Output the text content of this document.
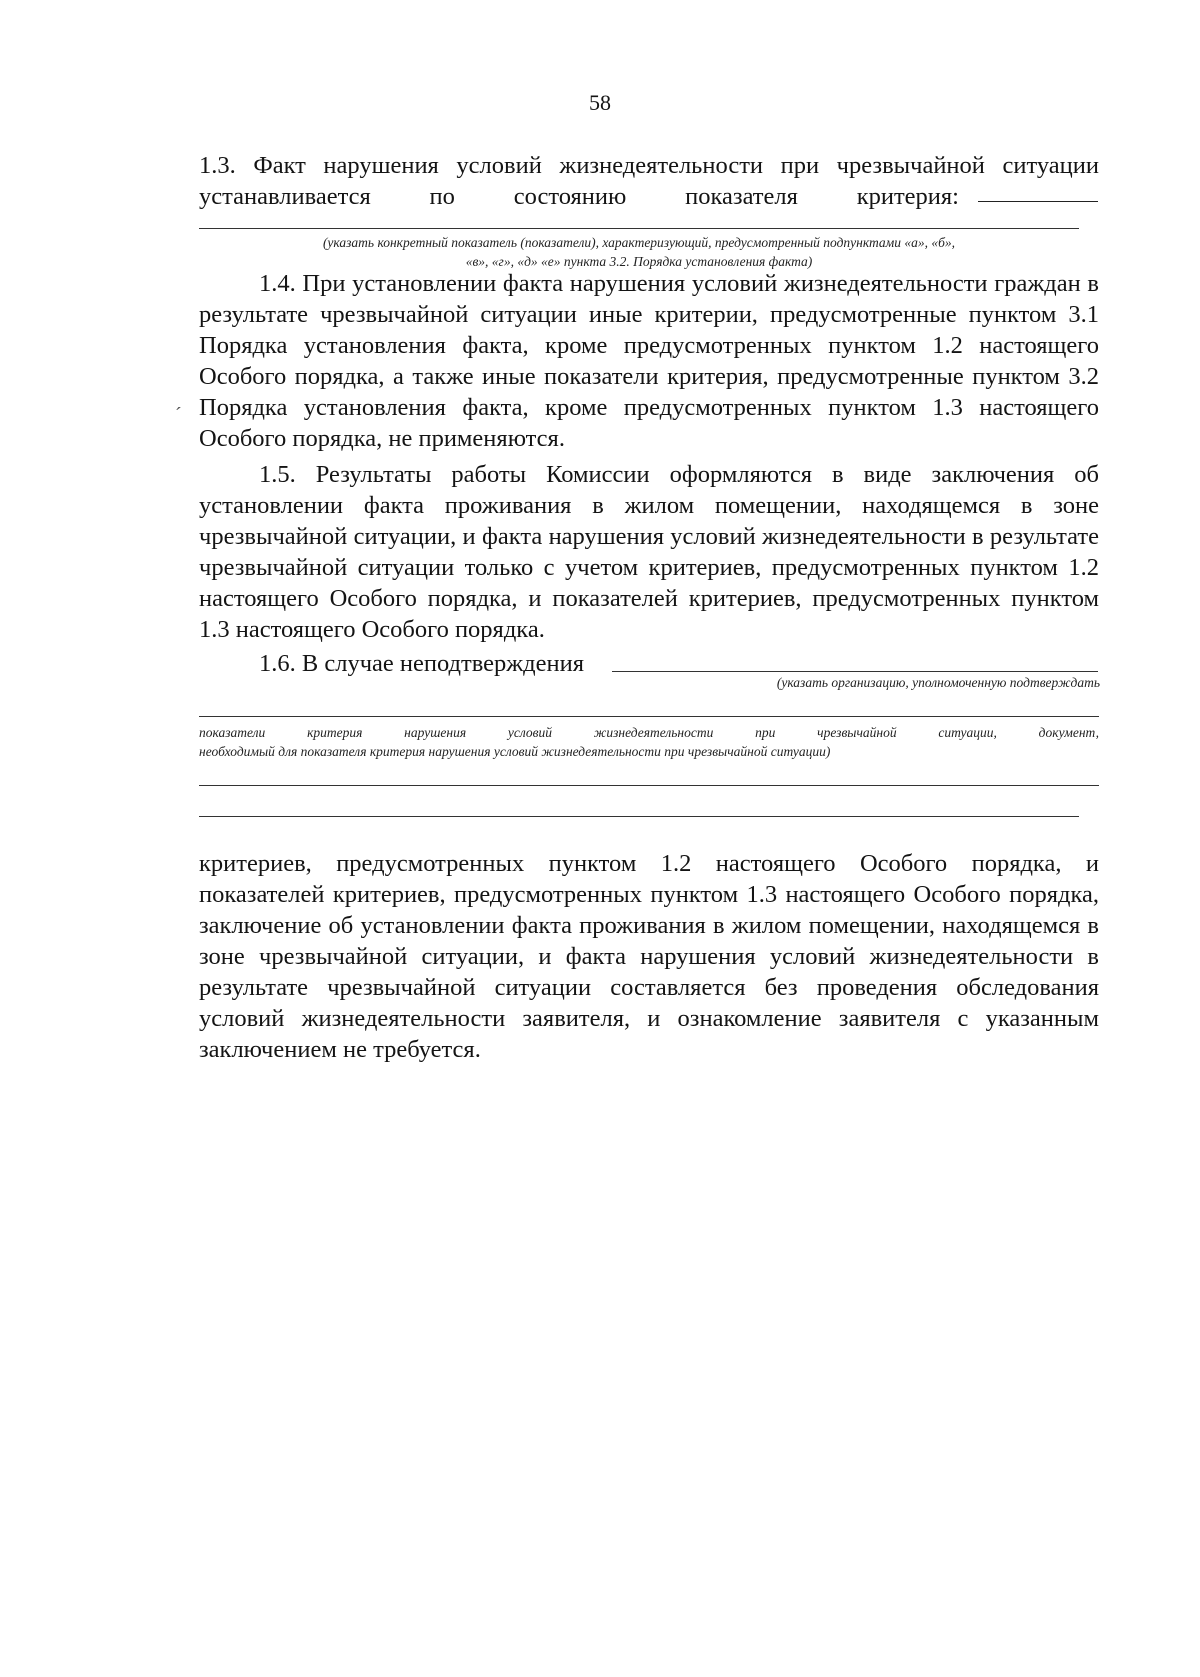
58

1.3. Факт нарушения условий жизнедеятельности при чрезвычайной ситуации

устанавливается по состоянию показателя критерия:
(указать конкретный показатель (показатели), характеризующий, предусмотренный подпунктами «а», «б»,
«в», «г», «д» «е» пункта 3.2. Порядка установления факта)

1.4. При установлении факта нарушения условий жизнедеятельности граждан в результате чрезвычайной ситуации иные критерии, предусмотренные пунктом 3.1 Порядка установления факта, кроме предусмотренных пунктом 1.2 настоящего Особого порядка, а также иные показатели критерия, предусмотренные пунктом 3.2 Порядка установления факта, кроме предусмотренных пунктом 1.3 настоящего Особого порядка, не применяются.

ˊ

1.5. Результаты работы Комиссии оформляются в виде заключения об установлении факта проживания в жилом помещении, находящемся в зоне чрезвычайной ситуации, и факта нарушения условий жизнедеятельности в результате чрезвычайной ситуации только с учетом критериев, предусмотренных пунктом 1.2 настоящего Особого порядка, и показателей критериев, предусмотренных пунктом 1.3 настоящего Особого порядка.

1.6. В случае неподтверждения
(указать организацию, уполномоченную подтверждать
показатели критерия нарушения условий жизнедеятельности при чрезвычайной ситуации, документ,
необходимый для показателя критерия нарушения условий жизнедеятельности при чрезвычайной ситуации)

критериев, предусмотренных пунктом 1.2 настоящего Особого порядка, и показателей критериев, предусмотренных пунктом 1.3 настоящего Особого порядка, заключение об установлении факта проживания в жилом помещении, находящемся в зоне чрезвычайной ситуации, и факта нарушения условий жизнедеятельности в результате чрезвычайной ситуации составляется без проведения обследования условий жизнедеятельности заявителя, и ознакомление заявителя с указанным заключением не требуется.
